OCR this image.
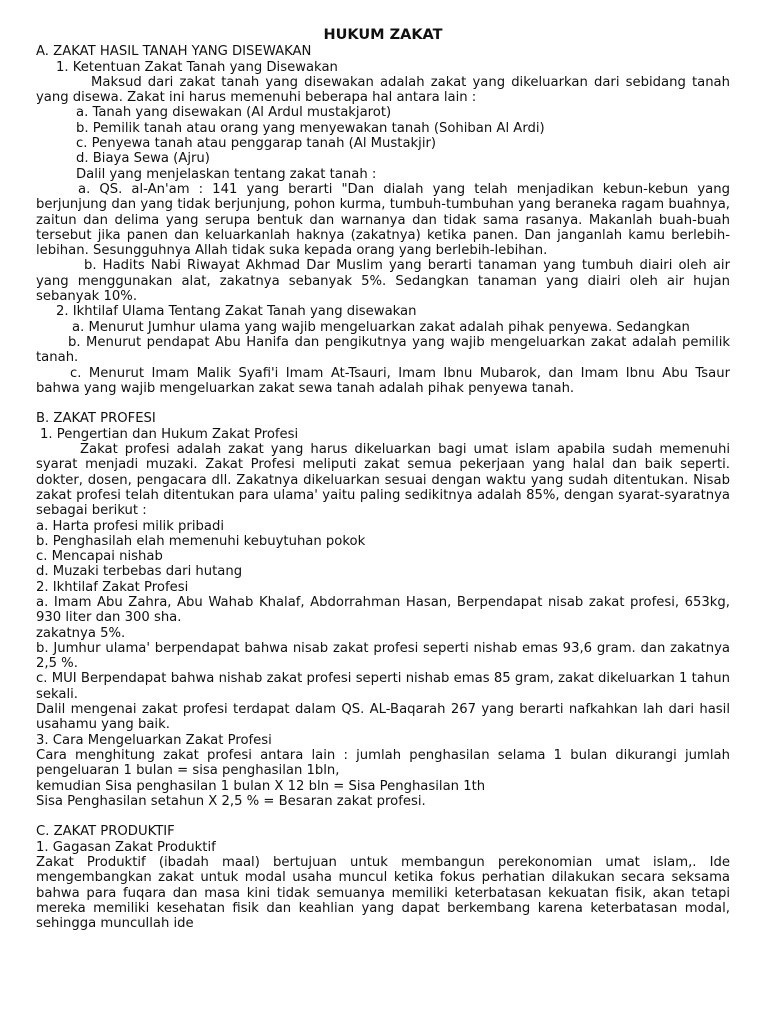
HUKUM ZAKAT

A. ZAKAT HASIL TANAH YANG DISEWAKAN

1. Ketentuan Zakat Tanah yang Disewakan

Maksud dari zakat tanah yang disewakan adalah zakat yang dikeluarkan dari sebidang tanah yang disewa. Zakat ini harus memenuhi beberapa hal antara lain :

a. Tanah yang disewakan (Al Ardul mustakjarot)

b. Pemilik tanah atau orang yang menyewakan tanah (Sohiban Al Ardi)

c. Penyewa tanah atau penggarap tanah (Al Mustakjir)

d. Biaya Sewa (Ajru)

Dalil yang menjelaskan tentang zakat tanah :

a. QS. al-An'am : 141 yang berarti "Dan dialah yang telah menjadikan kebun-kebun yang berjunjung dan yang tidak berjunjung, pohon kurma, tumbuh-tumbuhan yang beraneka ragam buahnya, zaitun dan delima yang serupa bentuk dan warnanya dan tidak sama rasanya. Makanlah buah-buah tersebut jika panen dan keluarkanlah haknya (zakatnya) ketika panen. Dan janganlah kamu berlebih-lebihan. Sesungguhnya Allah tidak suka kepada orang yang berlebih-lebihan.

b. Hadits Nabi Riwayat Akhmad Dar Muslim yang berarti tanaman yang tumbuh diairi oleh air yang menggunakan alat, zakatnya sebanyak 5%. Sedangkan tanaman yang diairi oleh air hujan sebanyak 10%.

2. Ikhtilaf Ulama Tentang Zakat Tanah yang disewakan

a. Menurut Jumhur ulama yang wajib mengeluarkan zakat adalah pihak penyewa. Sedangkan

b. Menurut pendapat Abu Hanifa dan pengikutnya yang wajib mengeluarkan zakat adalah pemilik tanah.

c. Menurut Imam Malik Syafi'i Imam At-Tsauri, Imam Ibnu Mubarok, dan Imam Ibnu Abu Tsaur bahwa yang wajib mengeluarkan zakat sewa tanah adalah pihak penyewa tanah.

B. ZAKAT PROFESI

1. Pengertian dan Hukum Zakat Profesi

Zakat profesi adalah zakat yang harus dikeluarkan bagi umat islam apabila sudah memenuhi syarat menjadi muzaki. Zakat Profesi meliputi zakat semua pekerjaan yang halal dan baik seperti. dokter, dosen, pengacara dll. Zakatnya dikeluarkan sesuai dengan waktu yang sudah ditentukan. Nisab zakat profesi telah ditentukan para ulama' yaitu paling sedikitnya adalah 85%, dengan syarat-syaratnya sebagai berikut :

a. Harta profesi milik pribadi

b. Penghasilah elah memenuhi kebuytuhan pokok

c. Mencapai nishab

d. Muzaki terbebas dari hutang

2. Ikhtilaf Zakat Profesi

a. Imam Abu Zahra, Abu Wahab Khalaf, Abdorrahman Hasan, Berpendapat nisab zakat profesi, 653kg, 930 liter dan 300 sha.

zakatnya 5%.

b. Jumhur ulama' berpendapat bahwa nisab zakat profesi seperti nishab emas 93,6 gram. dan zakatnya 2,5 %.

c. MUI Berpendapat bahwa nishab zakat profesi seperti nishab emas 85 gram, zakat dikeluarkan 1 tahun sekali.

Dalil mengenai zakat profesi terdapat dalam QS. AL-Baqarah 267 yang berarti nafkahkan lah dari hasil usahamu yang baik.

3. Cara Mengeluarkan Zakat Profesi

Cara menghitung zakat profesi antara lain : jumlah penghasilan selama 1 bulan dikurangi jumlah pengeluaran 1 bulan = sisa penghasilan 1bln,

kemudian Sisa penghasilan 1 bulan X 12 bln = Sisa Penghasilan 1th

Sisa Penghasilan setahun X 2,5 % = Besaran zakat profesi.

C. ZAKAT PRODUKTIF

1. Gagasan Zakat Produktif

Zakat Produktif (ibadah maal) bertujuan untuk membangun perekonomian umat islam,. Ide mengembangkan zakat untuk modal usaha muncul ketika fokus perhatian dilakukan secara seksama bahwa para fuqara dan masa kini tidak semuanya memiliki keterbatasan kekuatan fisik, akan tetapi mereka memiliki kesehatan fisik dan keahlian yang dapat berkembang karena keterbatasan modal, sehingga muncullah ide
